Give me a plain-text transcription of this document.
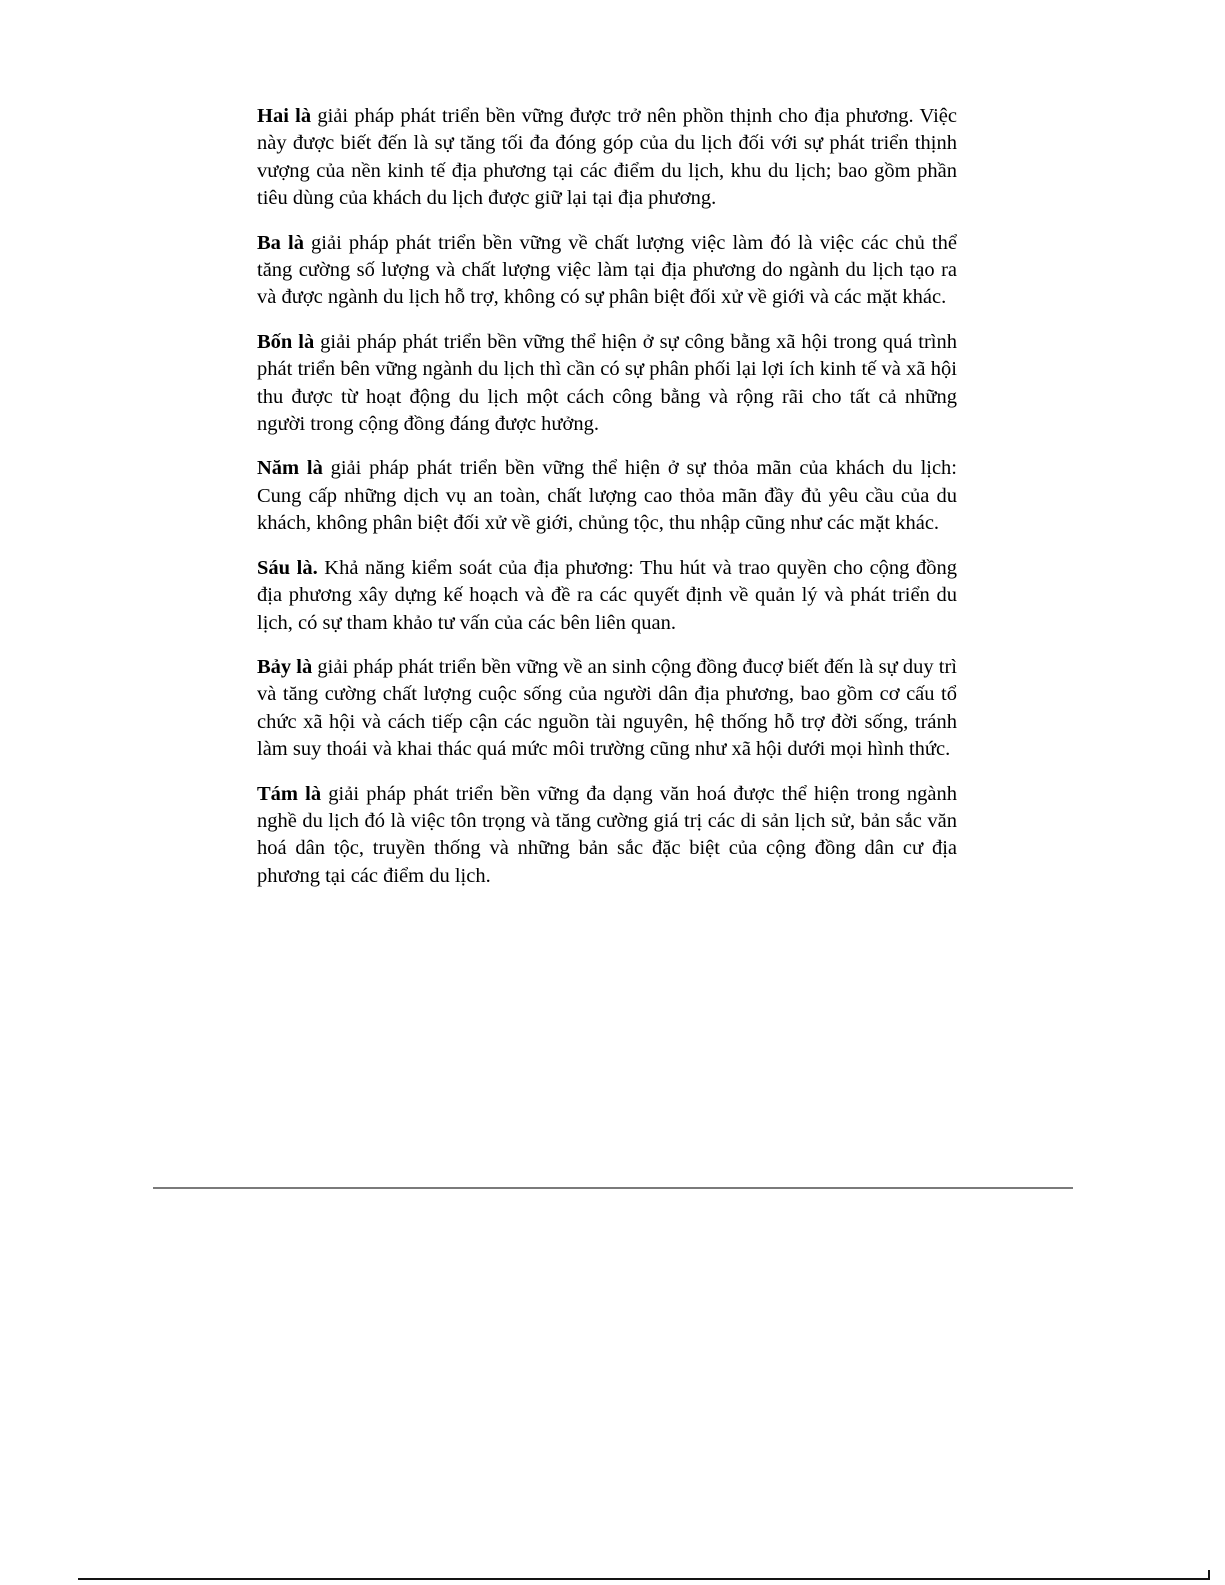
Hai là giải pháp phát triển bền vững được trở nên phồn thịnh cho địa phương. Việc này được biết đến là sự tăng tối đa đóng góp của du lịch đối với sự phát triển thịnh vượng của nền kinh tế địa phương tại các điểm du lịch, khu du lịch; bao gồm phần tiêu dùng của khách du lịch được giữ lại tại địa phương.

Ba là giải pháp phát triển bền vững về chất lượng việc làm đó là việc các chủ thể tăng cường số lượng và chất lượng việc làm tại địa phương do ngành du lịch tạo ra và được ngành du lịch hỗ trợ, không có sự phân biệt đối xử về giới và các mặt khác.

Bốn là giải pháp phát triển bền vững thể hiện ở sự công bằng xã hội trong quá trình phát triển bên vững ngành du lịch thì cần có sự phân phối lại lợi ích kinh tế và xã hội thu được từ hoạt động du lịch một cách công bằng và rộng rãi cho tất cả những người trong cộng đồng đáng được hưởng.

Năm là giải pháp phát triển bền vững thể hiện ở sự thỏa mãn của khách du lịch: Cung cấp những dịch vụ an toàn, chất lượng cao thỏa mãn đầy đủ yêu cầu của du khách, không phân biệt đối xử về giới, chủng tộc, thu nhập cũng như các mặt khác.

Sáu là. Khả năng kiểm soát của địa phương: Thu hút và trao quyền cho cộng đồng địa phương xây dựng kế hoạch và đề ra các quyết định về quản lý và phát triển du lịch, có sự tham khảo tư vấn của các bên liên quan.

Bảy là giải pháp phát triển bền vững về an sinh cộng đồng đucợ biết đến là sự duy trì và tăng cường chất lượng cuộc sống của người dân địa phương, bao gồm cơ cấu tổ chức xã hội và cách tiếp cận các nguồn tài nguyên, hệ thống hỗ trợ đời sống, tránh làm suy thoái và khai thác quá mức môi trường cũng như xã hội dưới mọi hình thức.

Tám là giải pháp phát triển bền vững đa dạng văn hoá được thể hiện trong ngành nghề du lịch đó là việc tôn trọng và tăng cường giá trị các di sản lịch sử, bản sắc văn hoá dân tộc, truyền thống và những bản sắc đặc biệt của cộng đồng dân cư địa phương tại các điểm du lịch.
